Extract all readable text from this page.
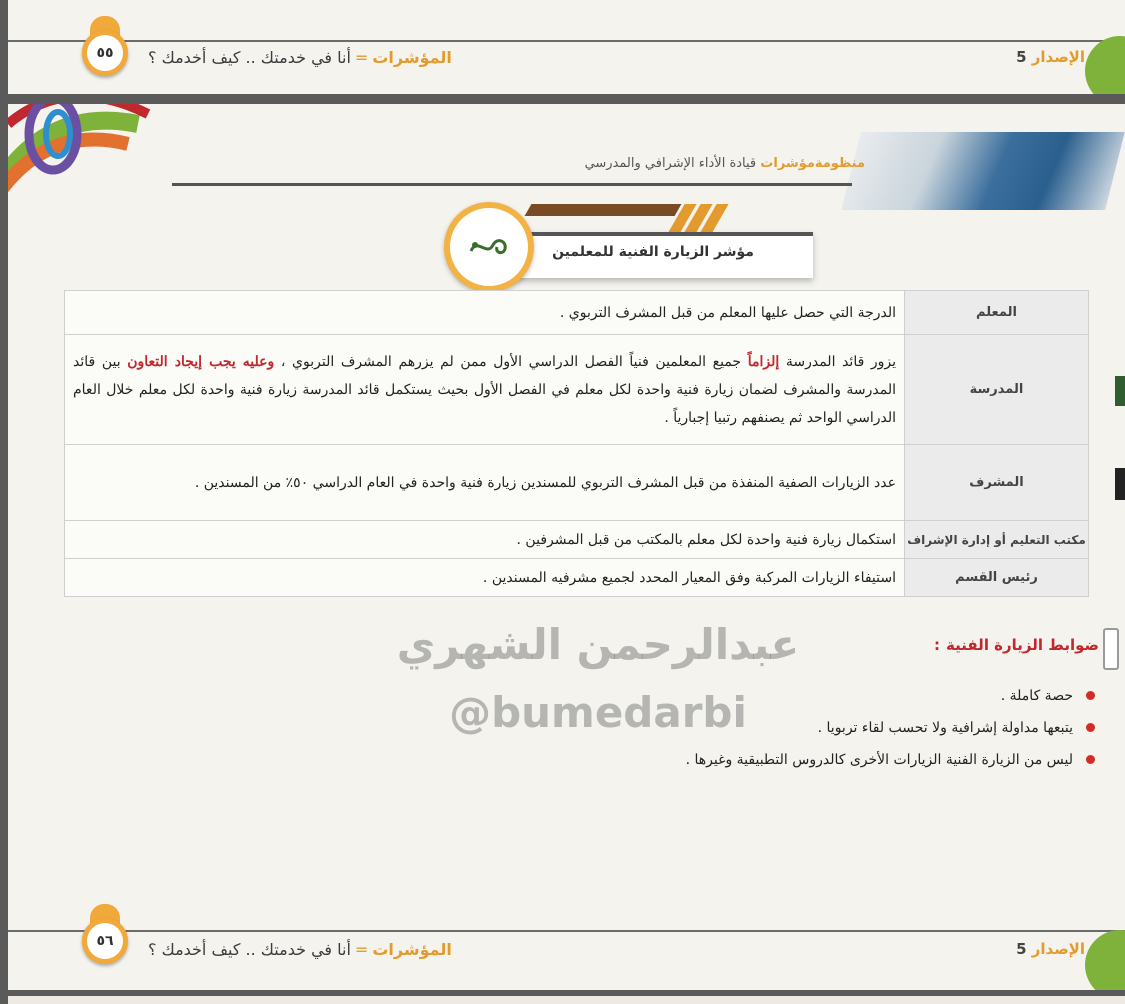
٥٥	المؤشرات=أنا في خدمتك .. كيف أخدمك ؟	الإصدار 5
منظومةمؤشرات قيادة الأداء الإشرافي والمدرسي
مؤشر الزيارة الفنية للمعلمين
المعلم	الدرجة التي حصل عليها المعلم من قبل المشرف التربوي .
المدرسة	يزور قائد المدرسة إلزاماً جميع المعلمين فنياً الفصل الدراسي الأول ممن لم يزرهم المشرف التربوي ، وعليه يجب إيجاد التعاون بين قائد المدرسة والمشرف لضمان زيارة فنية واحدة لكل معلم في الفصل الأول بحيث يستكمل قائد المدرسة زيارة فنية واحدة لكل معلم خلال العام الدراسي الواحد ثم يصنفهم رتبيا إجبارياً .
المشرف	عدد الزيارات الصفية المنفذة من قبل المشرف التربوي للمسندين زيارة فنية واحدة في العام الدراسي ٥٠٪ من المسندين .
مكتب التعليم أو إدارة الإشراف	استكمال زيارة فنية واحدة لكل معلم بالمكتب من قبل المشرفين .
رئيس القسم	استيفاء الزيارات المركبة وفق المعيار المحدد لجميع مشرفيه المسندين .
عبدالرحمن الشهري
@bumedarbi
ضوابط الزيارة الفنية:
حصة كاملة .
يتبعها مداولة إشرافية ولا تحسب لقاء تربويا .
ليس من الزيارة الفنية الزيارات الأخرى كالدروس التطبيقية وغيرها .
٥٦	المؤشرات=أنا في خدمتك .. كيف أخدمك ؟	الإصدار 5
